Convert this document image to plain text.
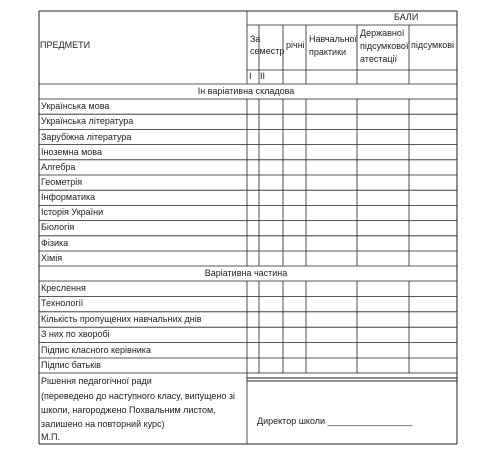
ПРЕДМЕТИ
БАЛИ
За
семестр
річні
Навчальної
практики
Державної
підсумкової
атестації
підсумкові
I II
Ін варіативна складова
Варіативна частина
Українська мова
Українська література
Зарубіжна література
Іноземна мова
Алгебра
Геометрія
Інформатика
Історія України
Біологія
Фізика
Хімія
Креслення
Технології
Кількість пропущених навчальних днів
З них по хворобі
Підпис класного керівника
Підпис батьків
Рішення педагогічної ради
(переведено до наступного класу, випущено зі
школи, нагороджено Похвальним листом,
залишено на повторний курс)
М.П.
Директор школи _________________
